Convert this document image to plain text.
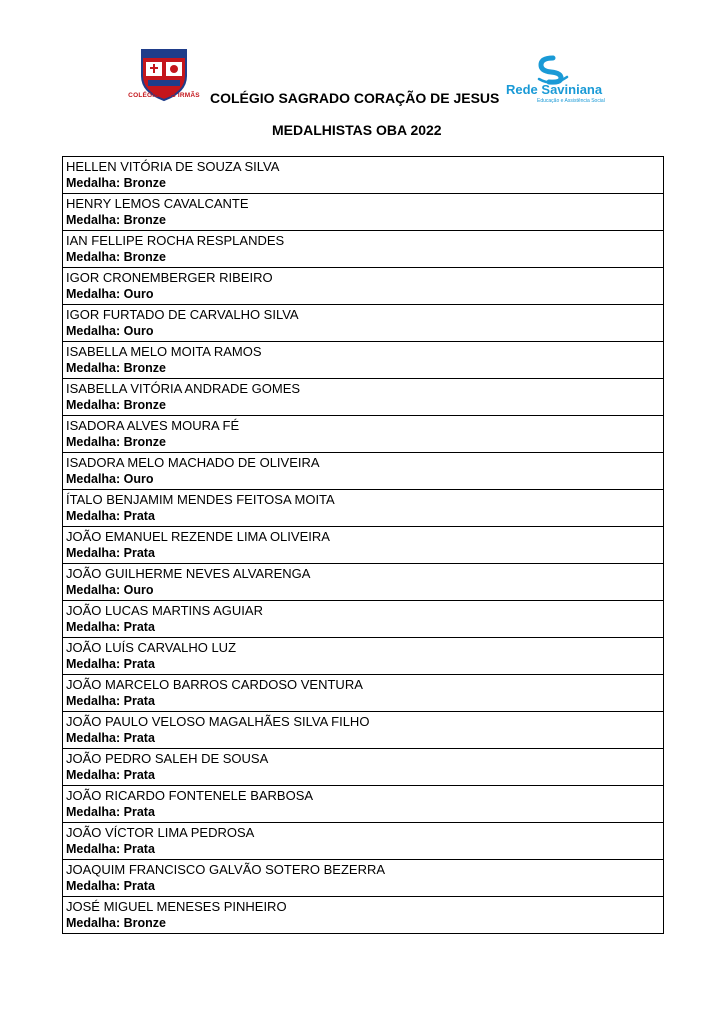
COLÉGIO DAS IRMÃS COLÉGIO SAGRADO CORAÇÃO DE JESUS
Rede Saviniana
Educação e Assistência Social
MEDALHISTAS OBA 2022
HELLEN VITÓRIA DE SOUZA SILVA
Medalha: Bronze
HENRY LEMOS CAVALCANTE
Medalha: Bronze
IAN FELLIPE ROCHA RESPLANDES
Medalha: Bronze
IGOR CRONEMBERGER RIBEIRO
Medalha: Ouro
IGOR FURTADO DE CARVALHO SILVA
Medalha: Ouro
ISABELLA MELO MOITA RAMOS
Medalha: Bronze
ISABELLA VITÓRIA ANDRADE GOMES
Medalha: Bronze
ISADORA ALVES MOURA FÉ
Medalha: Bronze
ISADORA MELO MACHADO DE OLIVEIRA
Medalha: Ouro
ÍTALO BENJAMIM MENDES FEITOSA MOITA
Medalha: Prata
JOÃO EMANUEL REZENDE LIMA OLIVEIRA
Medalha: Prata
JOÃO GUILHERME NEVES ALVARENGA
Medalha: Ouro
JOÃO LUCAS MARTINS AGUIAR
Medalha: Prata
JOÃO LUÍS CARVALHO LUZ
Medalha: Prata
JOÃO MARCELO BARROS CARDOSO VENTURA
Medalha: Prata
JOÃO PAULO VELOSO MAGALHÃES SILVA FILHO
Medalha: Prata
JOÃO PEDRO SALEH DE SOUSA
Medalha: Prata
JOÃO RICARDO FONTENELE BARBOSA
Medalha: Prata
JOÃO VÍCTOR LIMA PEDROSA
Medalha: Prata
JOAQUIM FRANCISCO GALVÃO SOTERO BEZERRA
Medalha: Prata
JOSÉ MIGUEL MENESES PINHEIRO
Medalha: Bronze
